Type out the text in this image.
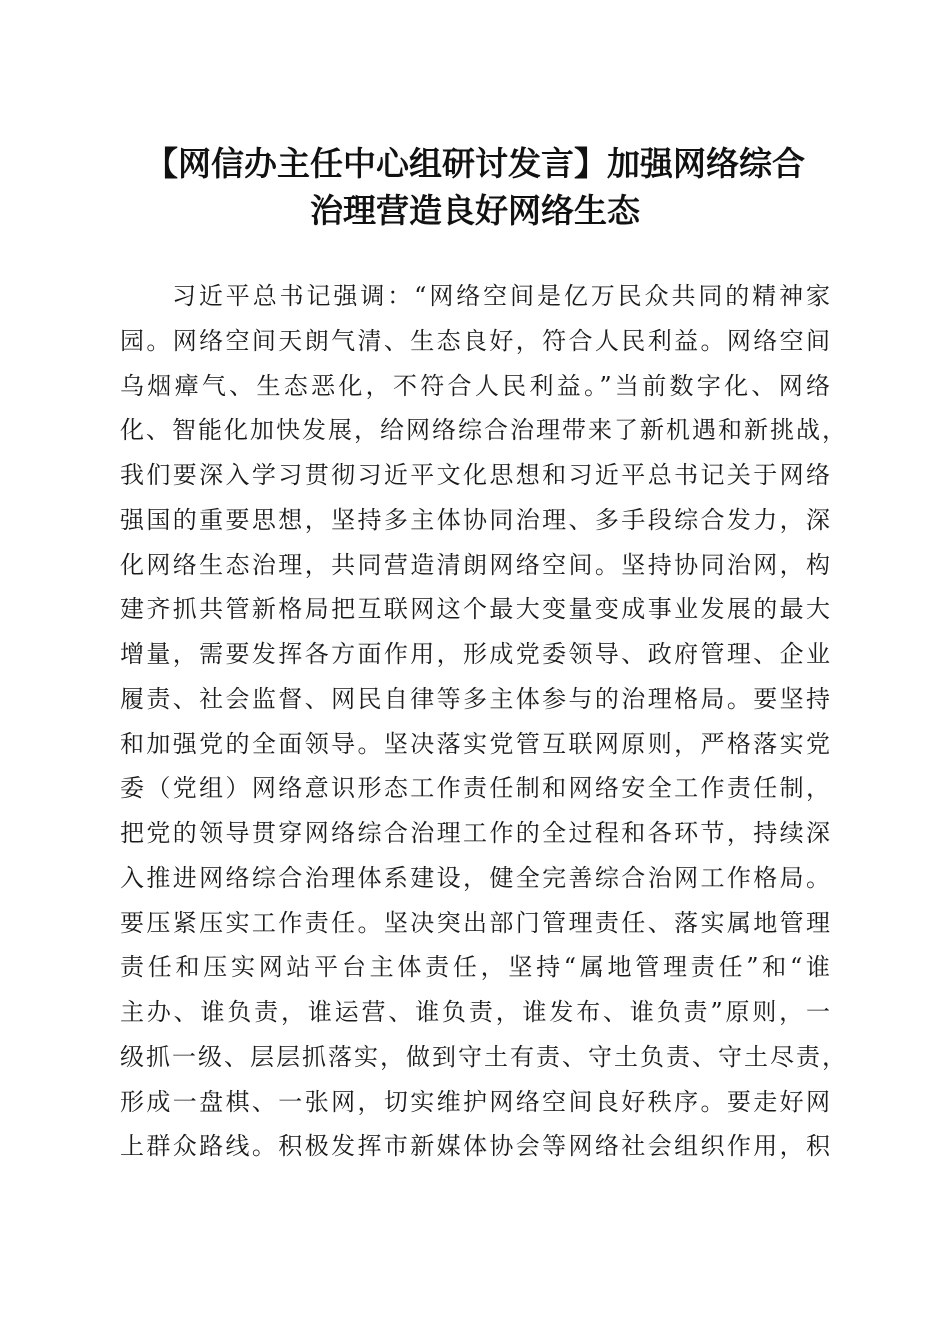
【网信办主任中心组研讨发言】加强网络综合
治理营造良好网络生态
习近平总书记强调：“网络空间是亿万民众共同的精神家
园。网络空间天朗气清、生态良好，符合人民利益。网络空间
乌烟瘴气、生态恶化，不符合人民利益。”当前数字化、网络
化、智能化加快发展，给网络综合治理带来了新机遇和新挑战，
我们要深入学习贯彻习近平文化思想和习近平总书记关于网络
强国的重要思想，坚持多主体协同治理、多手段综合发力，深
化网络生态治理，共同营造清朗网络空间。坚持协同治网，构
建齐抓共管新格局把互联网这个最大变量变成事业发展的最大
增量，需要发挥各方面作用，形成党委领导、政府管理、企业
履责、社会监督、网民自律等多主体参与的治理格局。要坚持
和加强党的全面领导。坚决落实党管互联网原则，严格落实党
委（党组）网络意识形态工作责任制和网络安全工作责任制，
把党的领导贯穿网络综合治理工作的全过程和各环节，持续深
入推进网络综合治理体系建设，健全完善综合治网工作格局。
要压紧压实工作责任。坚决突出部门管理责任、落实属地管理
责任和压实网站平台主体责任，坚持“属地管理责任”和“谁
主办、谁负责，谁运营、谁负责，谁发布、谁负责”原则，一
级抓一级、层层抓落实，做到守土有责、守土负责、守土尽责，
形成一盘棋、一张网，切实维护网络空间良好秩序。要走好网
上群众路线。积极发挥市新媒体协会等网络社会组织作用，积
